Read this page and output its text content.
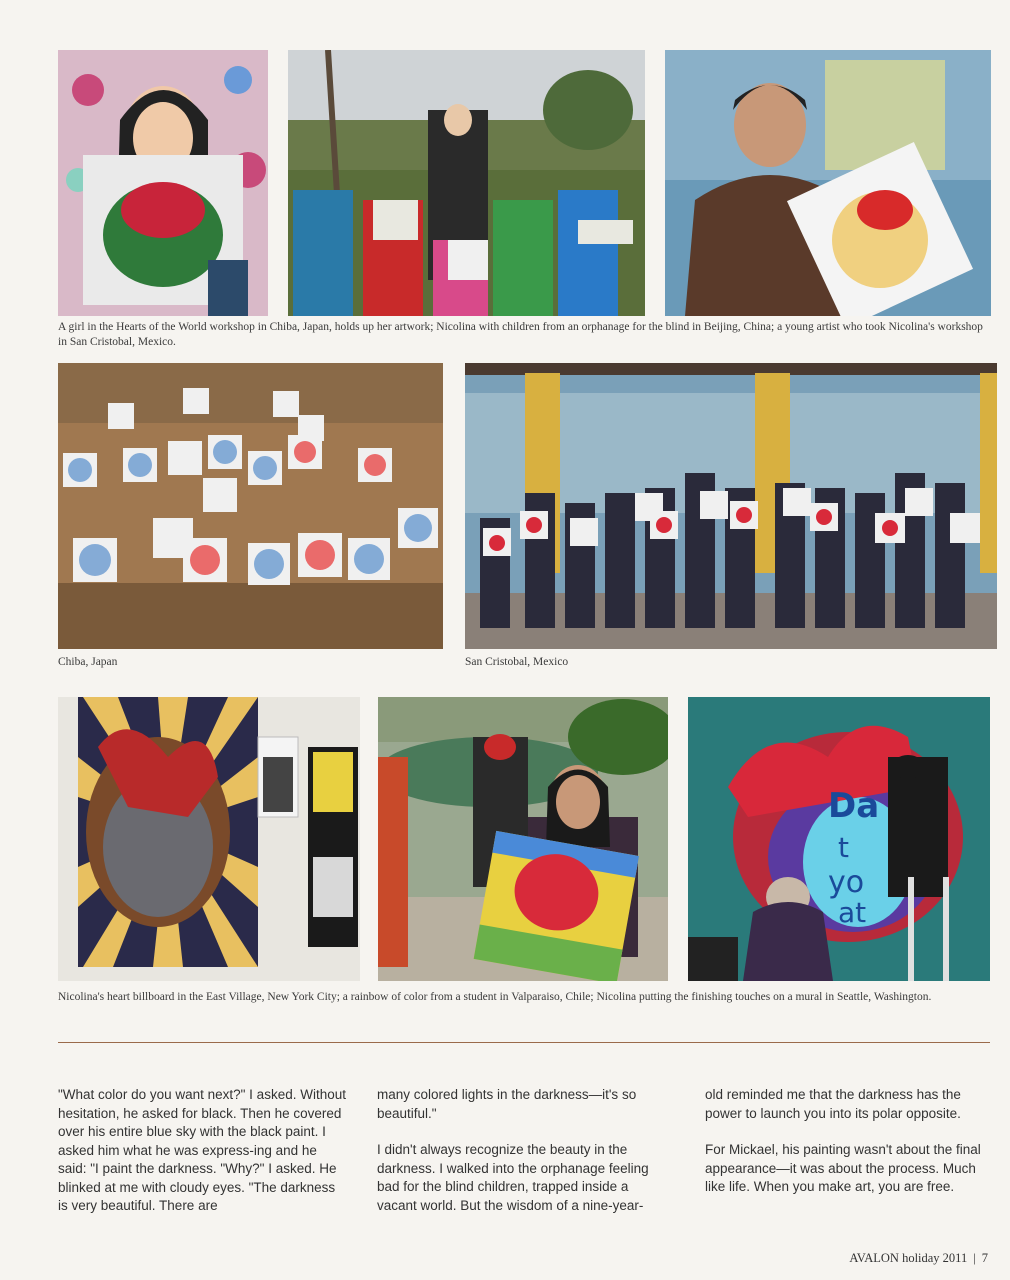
A girl in the Hearts of the World workshop in Chiba, Japan, holds up her artwork; Nicolina with children from an orphanage for the blind in Beijing, China; a young artist who took Nicolina's workshop in San Cristobal, Mexico.
Chiba, Japan	San Cristobal, Mexico
Da
t
yo
at
Nicolina's heart billboard in the East Village, New York City; a rainbow of color from a student in Valparaiso, Chile; Nicolina putting the finishing touches on a mural in Seattle, Washington.

"What color do you want next?" I asked. Without hesitation, he asked for black. Then he covered over his entire blue sky with the black paint. I asked him what he was express-ing and he said: "I paint the darkness. "Why?" I asked. He blinked at me with cloudy eyes. "The darkness is very beautiful. There are

many colored lights in the darkness—it's so beautiful."

I didn't always recognize the beauty in the darkness. I walked into the orphanage feeling bad for the blind children, trapped inside a vacant world. But the wisdom of a nine-year-

old reminded me that the darkness has the power to launch you into its polar opposite.

For Mickael, his painting wasn't about the final appearance—it was about the process. Much like life. When you make art, you are free.

AVALON holiday 2011 | 7
